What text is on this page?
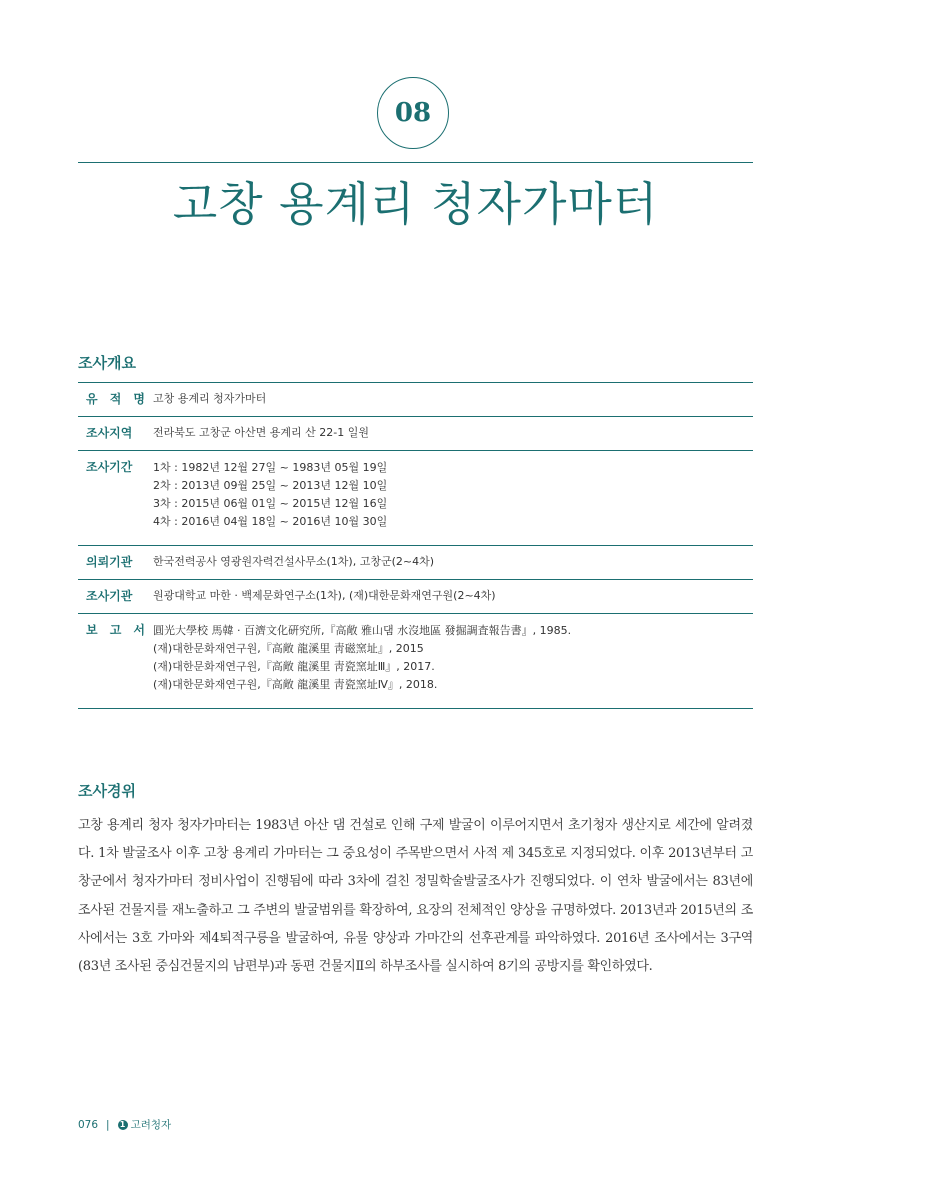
08
고창 용계리 청자가마터
조사개요
유 적 명 고창 용계리 청자가마터
조사지역	전라북도 고창군 아산면 용계리 산 22-1 일원
조사기간	1차 : 1982년 12월 27일 ~ 1983년 05월 19일
2차 : 2013년 09월 25일 ~ 2013년 12월 10일
3차 : 2015년 06월 01일 ~ 2015년 12월 16일
4차 : 2016년 04월 18일 ~ 2016년 10월 30일
의뢰기관	한국전력공사 영광원자력건설사무소(1차), 고창군(2~4차)
조사기관	원광대학교 마한 · 백제문화연구소(1차), (재)대한문화재연구원(2~4차)
보 고 서 圓光大學校 馬韓 · 百濟文化硏究所,『高敞 雅山댐 水沒地區 發掘調査報告書』, 1985.
(재)대한문화재연구원,『高敞 龍溪里 靑磁窯址』, 2015
(재)대한문화재연구원,『高敞 龍溪里 靑瓷窯址Ⅲ』, 2017.
(재)대한문화재연구원,『高敞 龍溪里 靑瓷窯址Ⅳ』, 2018.
조사경위

고창 용계리 청자 청자가마터는 1983년 아산 댐 건설로 인해 구제 발굴이 이루어지면서 초기청자 생산지로 세간에 알려졌다. 1차 발굴조사 이후 고창 용계리 가마터는 그 중요성이 주목받으면서 사적 제 345호로 지정되었다. 이후 2013년부터 고창군에서 청자가마터 정비사업이 진행됨에 따라 3차에 걸친 정밀학술발굴조사가 진행되었다. 이 연차 발굴에서는 83년에 조사된 건물지를 재노출하고 그 주변의 발굴범위를 확장하여, 요장의 전체적인 양상을 규명하였다. 2013년과 2015년의 조사에서는 3호 가마와 제4퇴적구릉을 발굴하여, 유물 양상과 가마간의 선후관계를 파악하였다. 2016년 조사에서는 3구역(83년 조사된 중심건물지의 남편부)과 동편 건물지Ⅱ의 하부조사를 실시하여 8기의 공방지를 확인하였다.

076 | 1 고려청자
